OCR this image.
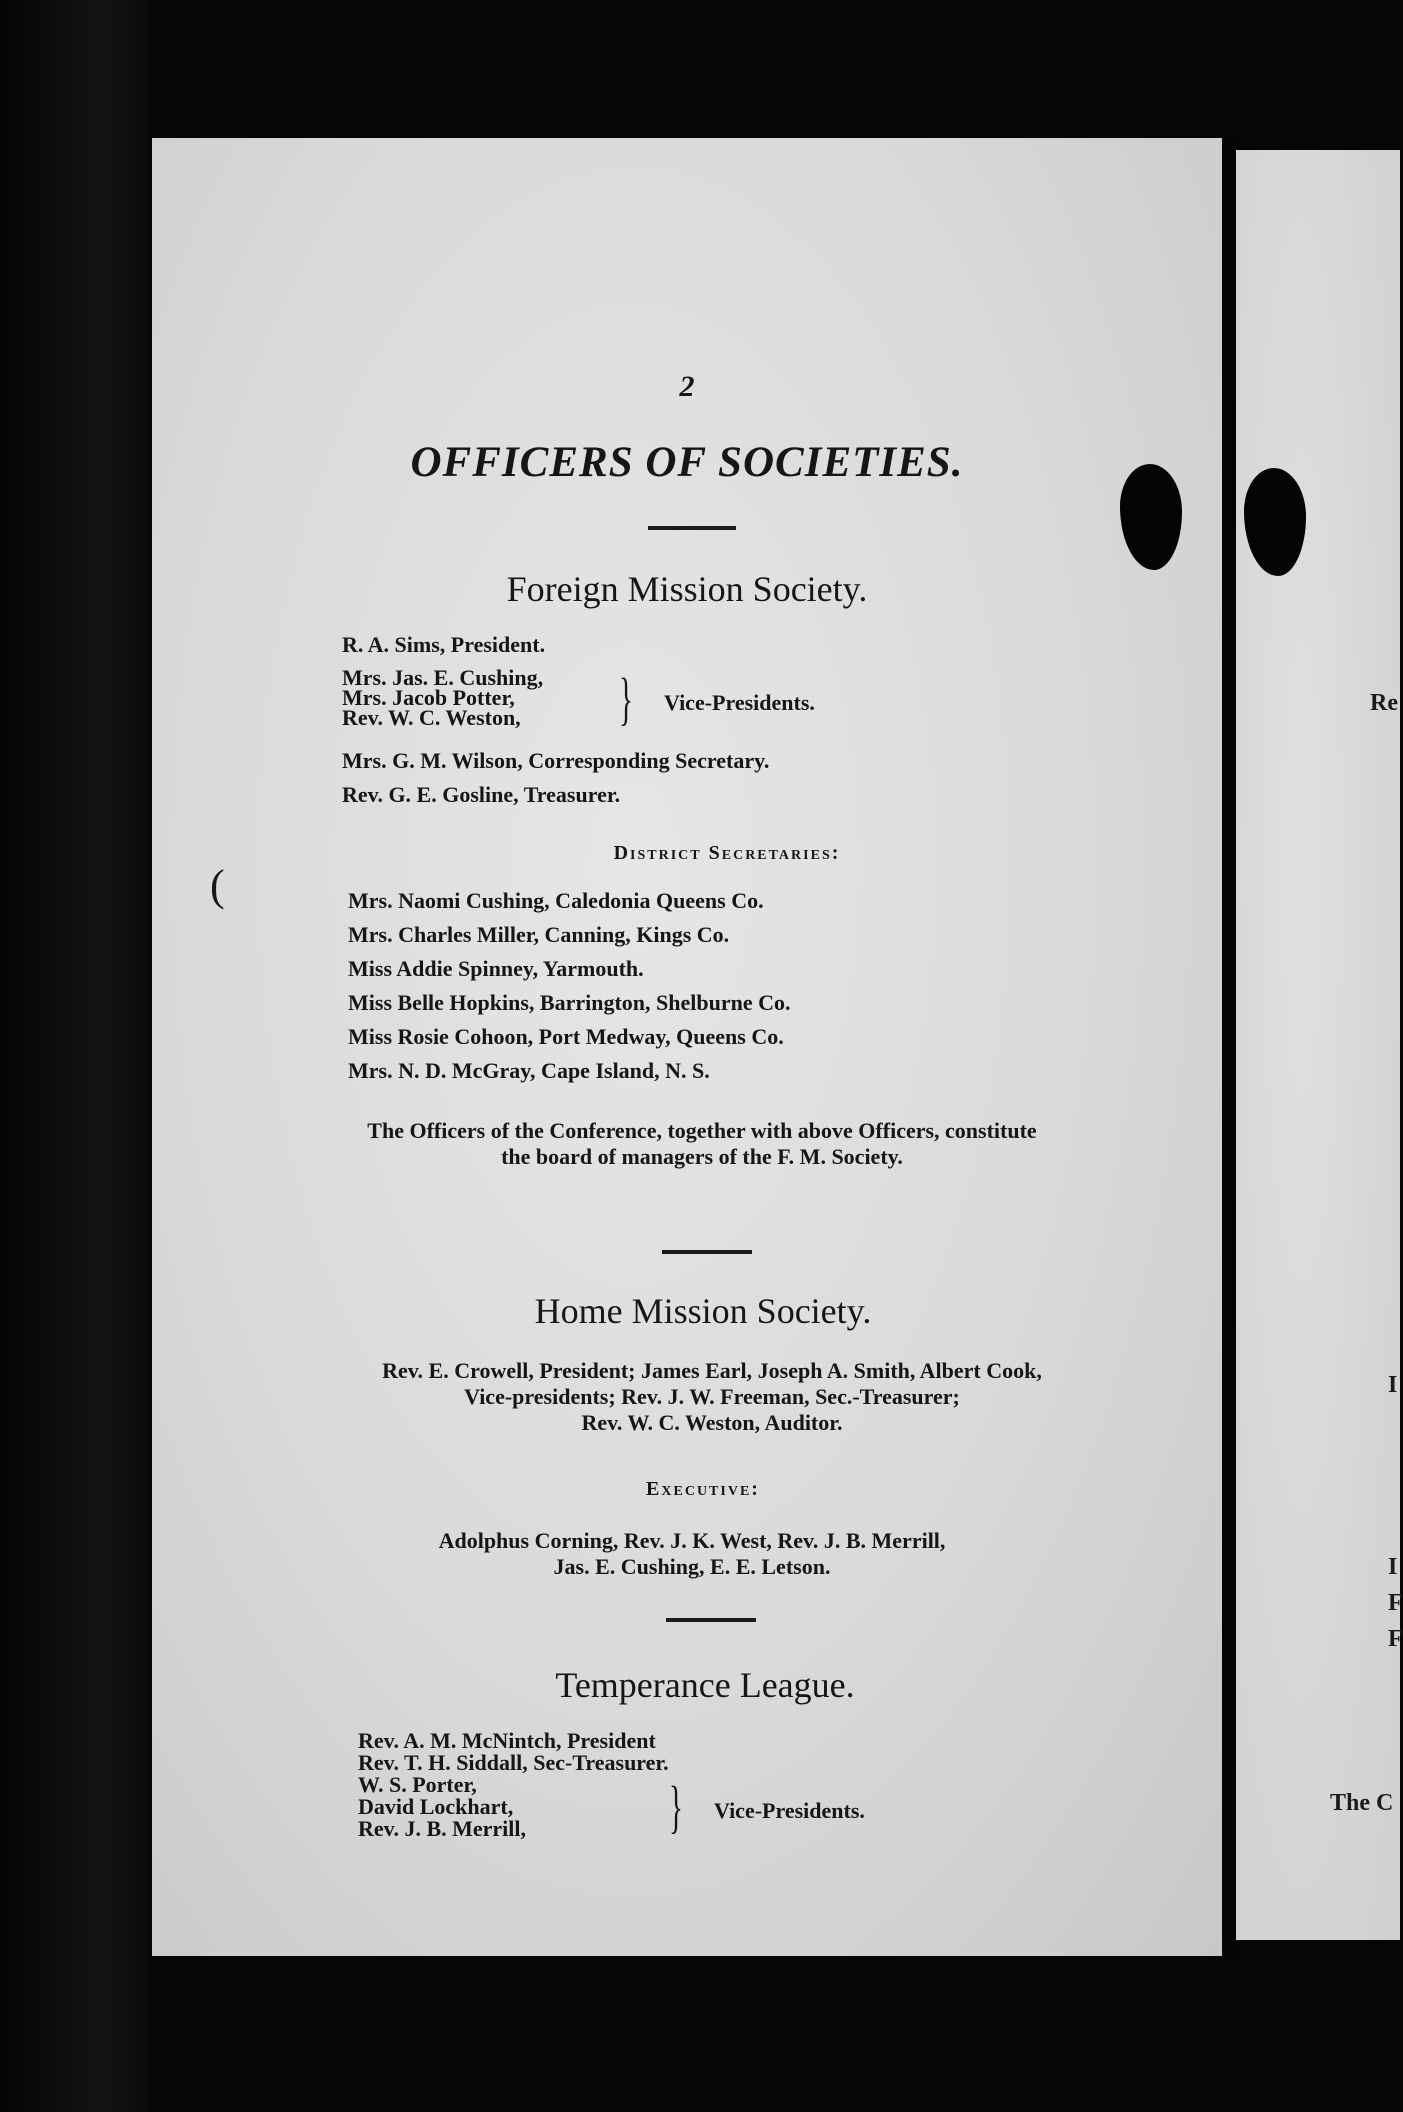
2
OFFICERS OF SOCIETIES.
Foreign Mission Society.
R. A. Sims, President.
Mrs. Jas. E. Cushing,
Mrs. Jacob Potter,
Rev. W. C. Weston, } Vice-Presidents.
Mrs. G. M. Wilson, Corresponding Secretary.
Rev. G. E. Gosline, Treasurer.
District Secretaries:
(	Mrs. Naomi Cushing, Caledonia Queens Co.
Mrs. Charles Miller, Canning, Kings Co.
Miss Addie Spinney, Yarmouth.
Miss Belle Hopkins, Barrington, Shelburne Co.
Miss Rosie Cohoon, Port Medway, Queens Co.
Mrs. N. D. McGray, Cape Island, N. S.
The Officers of the Conference, together with above Officers, constitute
the board of managers of the F. M. Society.
Home Mission Society.
Rev. E. Crowell, President; James Earl, Joseph A. Smith, Albert Cook,
Vice-presidents; Rev. J. W. Freeman, Sec.-Treasurer;
Rev. W. C. Weston, Auditor.
Executive:
Adolphus Corning, Rev. J. K. West, Rev. J. B. Merrill,
Jas. E. Cushing, E. E. Letson.
Temperance League.
Rev. A. M. McNintch, President
Rev. T. H. Siddall, Sec-Treasurer.
W. S. Porter,
David Lockhart,
Rev. J. B. Merrill, } Vice-Presidents.
Re
I
I
F
F
The C
